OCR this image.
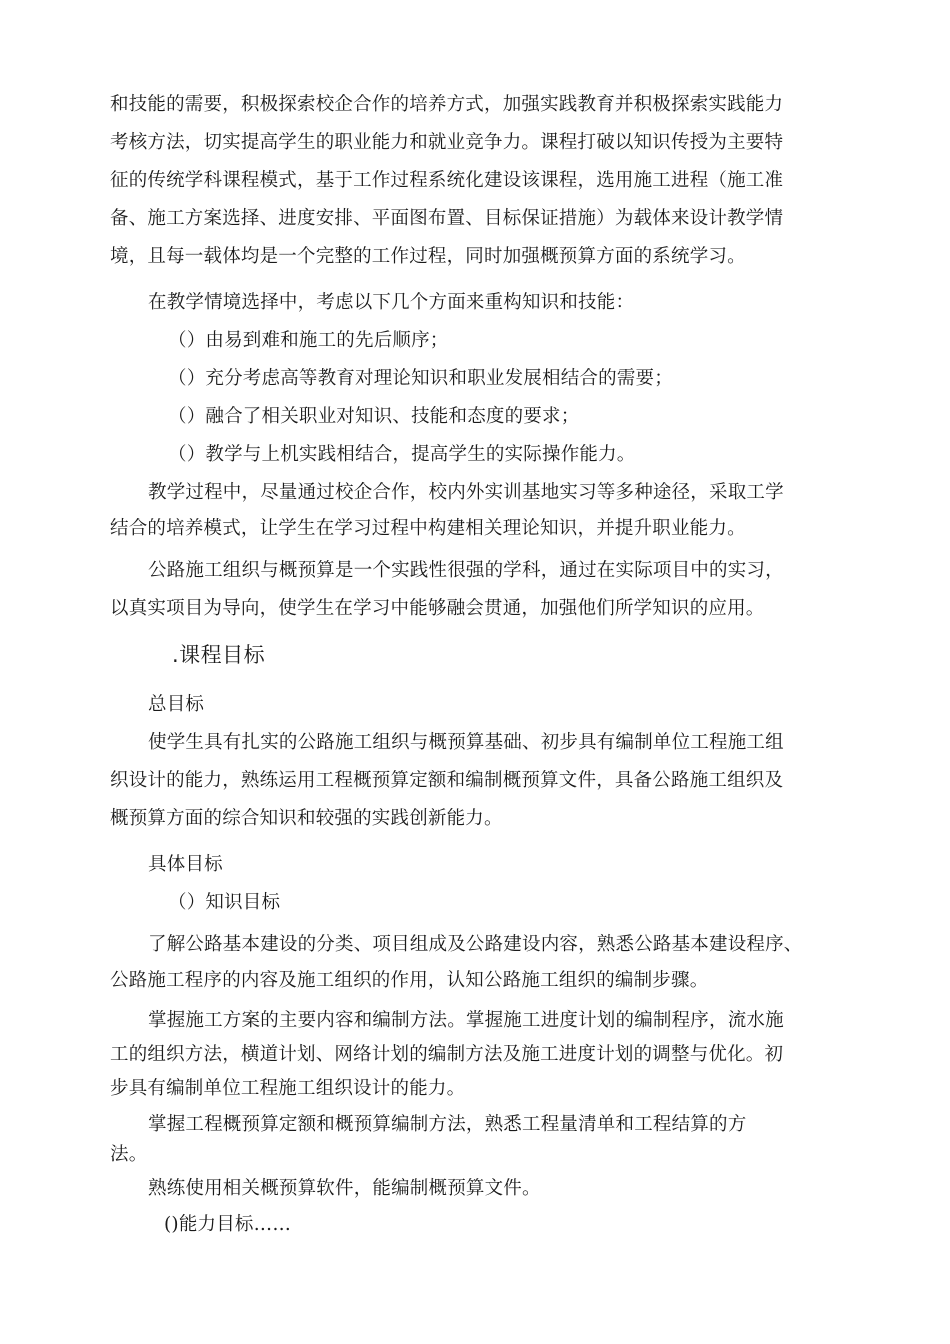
和技能的需要，积极探索校企合作的培养方式，加强实践教育并积极探索实践能力
考核方法，切实提高学生的职业能力和就业竞争力。课程打破以知识传授为主要特
征的传统学科课程模式，基于工作过程系统化建设该课程，选用施工进程（施工准
备、施工方案选择、进度安排、平面图布置、目标保证措施）为载体来设计教学情
境，且每一载体均是一个完整的工作过程，同时加强概预算方面的系统学习。
在教学情境选择中，考虑以下几个方面来重构知识和技能：
（）由易到难和施工的先后顺序；
（）充分考虑高等教育对理论知识和职业发展相结合的需要；
（）融合了相关职业对知识、技能和态度的要求；
（）教学与上机实践相结合，提高学生的实际操作能力。
教学过程中，尽量通过校企合作，校内外实训基地实习等多种途径，采取工学
结合的培养模式，让学生在学习过程中构建相关理论知识，并提升职业能力。
公路施工组织与概预算是一个实践性很强的学科，通过在实际项目中的实习，
以真实项目为导向，使学生在学习中能够融会贯通，加强他们所学知识的应用。
.课程目标
总目标
使学生具有扎实的公路施工组织与概预算基础、初步具有编制单位工程施工组
织设计的能力，熟练运用工程概预算定额和编制概预算文件，具备公路施工组织及
概预算方面的综合知识和较强的实践创新能力。
具体目标
（）知识目标
了解公路基本建设的分类、项目组成及公路建设内容，熟悉公路基本建设程序、
公路施工程序的内容及施工组织的作用，认知公路施工组织的编制步骤。
掌握施工方案的主要内容和编制方法。掌握施工进度计划的编制程序，流水施
工的组织方法，横道计划、网络计划的编制方法及施工进度计划的调整与优化。初
步具有编制单位工程施工组织设计的能力。
掌握工程概预算定额和概预算编制方法，熟悉工程量清单和工程结算的方
法。
熟练使用相关概预算软件，能编制概预算文件。
()能力目标……
